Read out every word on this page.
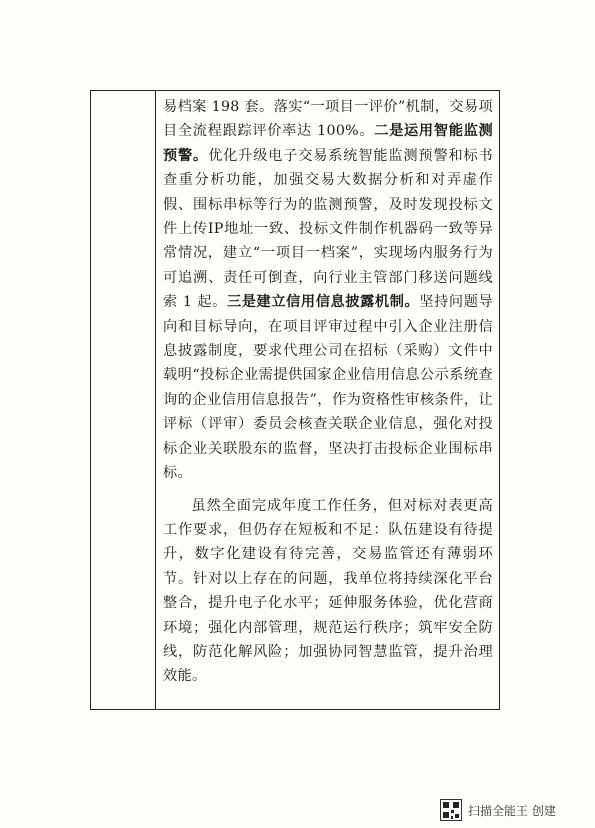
易档案 198 套。落实“一项目一评价”机制，交易项目全流程跟踪评价率达 100%。二是运用智能监测预警。优化升级电子交易系统智能监测预警和标书查重分析功能，加强交易大数据分析和对弄虚作假、围标串标等行为的监测预警，及时发现投标文件上传IP地址一致、投标文件制作机器码一致等异常情况，建立“一项目一档案”，实现场内服务行为可追溯、责任可倒查，向行业主管部门移送问题线索 1 起。三是建立信用信息披露机制。坚持问题导向和目标导向，在项目评审过程中引入企业注册信息披露制度，要求代理公司在招标（采购）文件中载明“投标企业需提供国家企业信用信息公示系统查询的企业信用信息报告”，作为资格性审核条件，让评标（评审）委员会核查关联企业信息，强化对投标企业关联股东的监督，坚决打击投标企业围标串标。

虽然全面完成年度工作任务，但对标对表更高工作要求，但仍存在短板和不足：队伍建设有待提升，数字化建设有待完善，交易监管还有薄弱环节。针对以上存在的问题，我单位将持续深化平台整合，提升电子化水平；延伸服务体验，优化营商环境；强化内部管理，规范运行秩序；筑牢安全防线，防范化解风险；加强协同智慧监管，提升治理效能。

扫描全能王 创建
